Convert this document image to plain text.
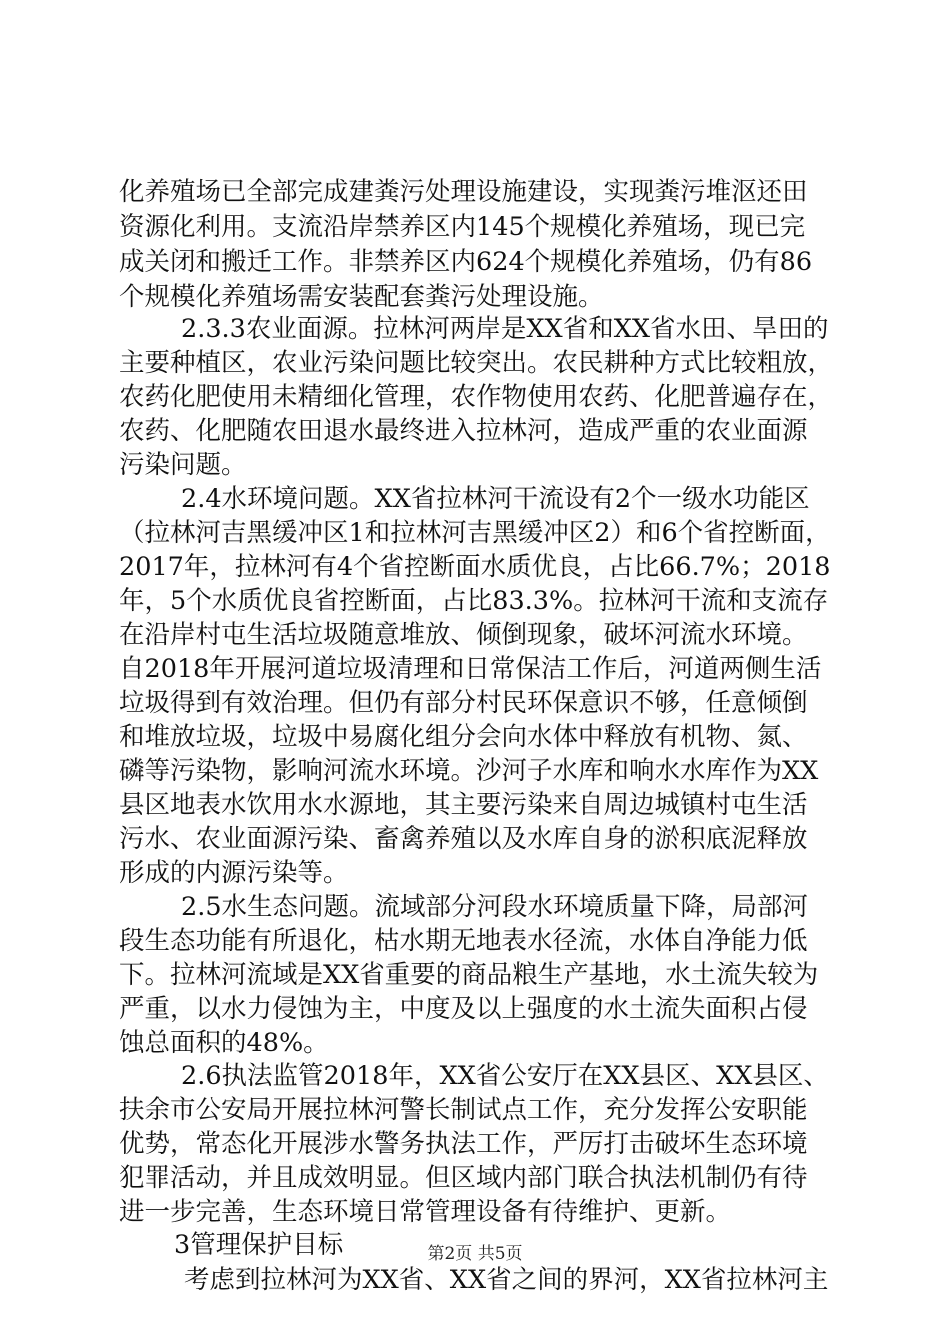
化养殖场已全部完成建粪污处理设施建设，实现粪污堆沤还田
资源化利用。支流沿岸禁养区内145个规模化养殖场，现已完
成关闭和搬迁工作。非禁养区内624个规模化养殖场，仍有86
个规模化养殖场需安装配套粪污处理设施。
2.3.3农业面源。拉林河两岸是XX省和XX省水田、旱田的
主要种植区，农业污染问题比较突出。农民耕种方式比较粗放，
农药化肥使用未精细化管理，农作物使用农药、化肥普遍存在，
农药、化肥随农田退水最终进入拉林河，造成严重的农业面源
污染问题。
2.4水环境问题。XX省拉林河干流设有2个一级水功能区
（拉林河吉黑缓冲区1和拉林河吉黑缓冲区2）和6个省控断面，
2017年，拉林河有4个省控断面水质优良，占比66.7%；2018
年，5个水质优良省控断面，占比83.3%。拉林河干流和支流存
在沿岸村屯生活垃圾随意堆放、倾倒现象，破坏河流水环境。
自2018年开展河道垃圾清理和日常保洁工作后，河道两侧生活
垃圾得到有效治理。但仍有部分村民环保意识不够，任意倾倒
和堆放垃圾，垃圾中易腐化组分会向水体中释放有机物、氮、
磷等污染物，影响河流水环境。沙河子水库和响水水库作为XX
县区地表水饮用水水源地，其主要污染来自周边城镇村屯生活
污水、农业面源污染、畜禽养殖以及水库自身的淤积底泥释放
形成的内源污染等。
2.5水生态问题。流域部分河段水环境质量下降，局部河
段生态功能有所退化，枯水期无地表水径流，水体自净能力低
下。拉林河流域是XX省重要的商品粮生产基地，水土流失较为
严重，以水力侵蚀为主，中度及以上强度的水土流失面积占侵
蚀总面积的48%。
2.6执法监管2018年，XX省公安厅在XX县区、XX县区、
扶余市公安局开展拉林河警长制试点工作，充分发挥公安职能
优势，常态化开展涉水警务执法工作，严厉打击破坏生态环境
犯罪活动，并且成效明显。但区域内部门联合执法机制仍有待
进一步完善，生态环境日常管理设备有待维护、更新。
3管理保护目标
考虑到拉林河为XX省、XX省之间的界河，XX省拉林河主
第2页 共5页
